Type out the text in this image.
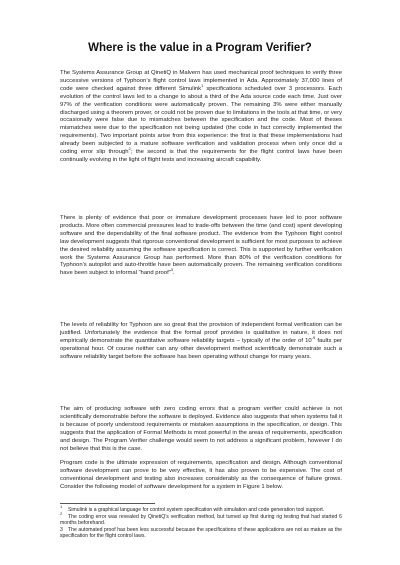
Where is the value in a Program Verifier?

The Systems Assurance Group at QinetiQ in Malvern has used mechanical proof techniques to verify three successive versions of Typhoon’s flight control laws implemented in Ada. Approximately 37,000 lines of code were checked against three different Simulink$^1$ specifications scheduled over 3 processors. Each evolution of the control laws led to a change to about a third of the Ada source code each time. Just over 97% of the verification conditions were automatically proven. The remaining 3% were either manually discharged using a theorem prover, or could not be proven due to limitations in the tools at that time, or very occasionally were false due to mismatches between the specification and the code. Most of theses mismatches were due to the specification not being updated (the code in fact correctly implemented the requirements). Two important points arise from this experience: the first is that these implementations had already been subjected to a mature software verification and validation process when only once did a coding error slip through$^2$; the second is that the requirements for the flight control laws have been continually evolving in the light of flight tests and increasing aircraft capability.

There is plenty of evidence that poor or immature development processes have led to poor software products. More often commercial pressures lead to trade-offs between the time (and cost) spent developing software and the dependability of the final software product. The evidence from the Typhoon flight control law development suggests that rigorous conventional development is sufficient for most purposes to achieve the desired reliability assuming the software specification is correct. This is supported by further verification work the Systems Assurance Group has performed. More than 80% of the verification conditions for Typhoon’s autopilot and auto-throttle have been automatically proven. The remaining verification conditions have been subject to informal “hand proof”$^3$.

The levels of reliability for Typhoon are so great that the provision of independent formal verification can be justified. Unfortunately the evidence that the formal proof provides is qualitative in nature, it does not empirically demonstrate the quantitative software reliability targets – typically of the order of $10^{-9}$ faults per operational hour. Of course neither can any other development method scientifically demonstrate such a software reliability target before the software has been operating without change for many years.

The aim of producing software with zero coding errors that a program verifier could achieve is not scientifically demonstrable before the software is deployed. Evidence also suggests that when systems fail it is because of poorly understood requirements or mistaken assumptions in the specification, or design. This suggests that the application of Formal Methods is most powerful in the areas of requirements, specification and design. The Program Verifier challenge would seem to not address a significant problem, however I do not believe that this is the case.

Program code is the ultimate expression of requirements, specification and design. Although conventional software development can prove to be very effective, it has also proven to be expensive. The cost of conventional development and testing also increases considerably as the consequence of failure grows. Consider the following model of software development for a system in Figure 1 below.

$^1$Simulink is a graphical language for control system specification with simulation and code generation tool support.

$^2$The coding error was revealed by QinetiQ’s verification method, but turned up first during rig testing that had started 6 months beforehand.

3 The automated proof has been less successful because the specifications of these applications are not as mature as the specification for the flight control laws.
